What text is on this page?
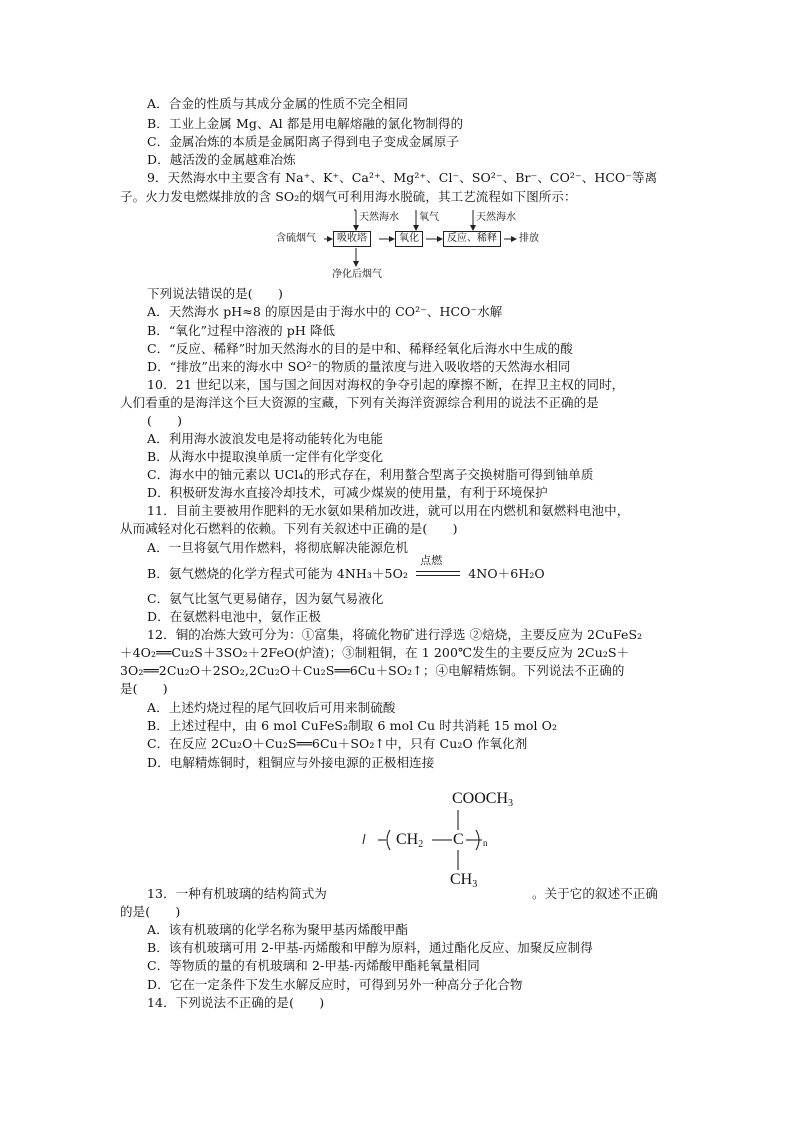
A．合金的性质与其成分金属的性质不完全相同
B．工业上金属 Mg、Al 都是用电解熔融的氯化物制得的
C．金属冶炼的本质是金属阳离子得到电子变成金属原子
D．越活泼的金属越难冶炼
9．天然海水中主要含有 Na⁺、K⁺、Ca²⁺、Mg²⁺、Cl⁻、SO²⁻、Br⁻、CO²⁻、HCO⁻等离
子。火力发电燃煤排放的含 SO₂的烟气可利用海水脱硫，其工艺流程如下图所示：
天然海水 氧气	天然海水
含硫烟气	吸收塔	氧化	反应、稀释	排放
净化后烟气
下列说法错误的是(　　)
A．天然海水 pH≈8 的原因是由于海水中的 CO²⁻、HCO⁻水解
B．“氧化”过程中溶液的 pH 降低
C．“反应、稀释”时加天然海水的目的是中和、稀释经氧化后海水中生成的酸
D．“排放”出来的海水中 SO²⁻的物质的量浓度与进入吸收塔的天然海水相同
10．21 世纪以来，国与国之间因对海权的争夺引起的摩擦不断，在捍卫主权的同时，
人们看重的是海洋这个巨大资源的宝藏，下列有关海洋资源综合利用的说法不正确的是
(　　)
A．利用海水波浪发电是将动能转化为电能
B．从海水中提取溴单质一定伴有化学变化
C．海水中的铀元素以 UCl₄的形式存在，利用螯合型离子交换树脂可得到铀单质
D．积极研发海水直接冷却技术，可减少煤炭的使用量，有利于环境保护
11．目前主要被用作肥料的无水氨如果稍加改进，就可以用在内燃机和氨燃料电池中，
从而减轻对化石燃料的依赖。下列有关叙述中正确的是(　　)
A．一旦将氨气用作燃料，将彻底解决能源危机
B．氨气燃烧的化学方程式可能为 4NH₃＋5O₂
点燃
4NO＋6H₂O
C．氨气比氢气更易储存，因为氨气易液化
D．在氨燃料电池中，氨作正极
12．铜的冶炼大致可分为：①富集，将硫化物矿进行浮选 ②焙烧，主要反应为 2CuFeS₂
＋4O₂══Cu₂S＋3SO₂＋2FeO(炉渣)；③制粗铜，在 1 200℃发生的主要反应为 2Cu₂S＋
3O₂══2Cu₂O＋2SO₂,2Cu₂O＋Cu₂S══6Cu＋SO₂↑；④电解精炼铜。下列说法不正确的
是(　　)
A．上述灼烧过程的尾气回收后可用来制硫酸
B．上述过程中，由 6 mol CuFeS₂制取 6 mol Cu 时共消耗 15 mol O₂
C．在反应 2Cu₂O＋Cu₂S══6Cu＋SO₂↑中，只有 Cu₂O 作氧化剂
D．电解精炼铜时，粗铜应与外接电源的正极相连接
$COOCH_3$
$CH_2$ C n
$CH_3$
13．一种有机玻璃的结构简式为	。关于它的叙述不正确
的是(　　)
A．该有机玻璃的化学名称为聚甲基丙烯酸甲酯
B．该有机玻璃可用 2-甲基-丙烯酸和甲醇为原料，通过酯化反应、加聚反应制得
C．等物质的量的有机玻璃和 2-甲基-丙烯酸甲酯耗氧量相同
D．它在一定条件下发生水解反应时，可得到另外一种高分子化合物
14．下列说法不正确的是(　　)
